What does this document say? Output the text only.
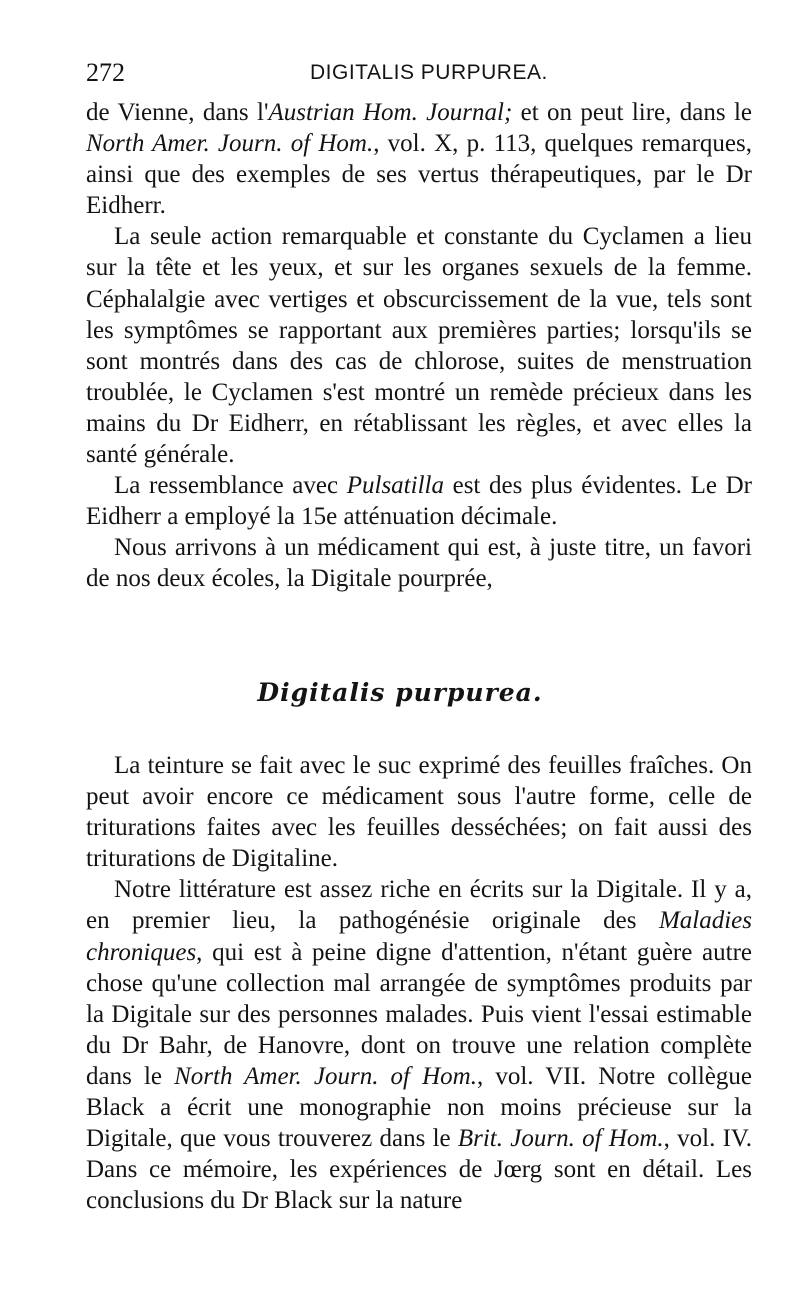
272	DIGITALIS PURPUREA.

de Vienne, dans l'Austrian Hom. Journal; et on peut lire, dans le North Amer. Journ. of Hom., vol. X, p. 113, quelques remarques, ainsi que des exemples de ses vertus thérapeutiques, par le Dr Eidherr.

La seule action remarquable et constante du Cyclamen a lieu sur la tête et les yeux, et sur les organes sexuels de la femme. Céphalalgie avec vertiges et obscurcissement de la vue, tels sont les symptômes se rapportant aux premières parties; lorsqu'ils se sont montrés dans des cas de chlorose, suites de menstruation troublée, le Cyclamen s'est montré un remède précieux dans les mains du Dr Eidherr, en rétablissant les règles, et avec elles la santé générale.

La ressemblance avec Pulsatilla est des plus évidentes. Le Dr Eidherr a employé la 15e atténuation décimale.

Nous arrivons à un médicament qui est, à juste titre, un favori de nos deux écoles, la Digitale pourprée,

Digitalis purpurea.

La teinture se fait avec le suc exprimé des feuilles fraîches. On peut avoir encore ce médicament sous l'autre forme, celle de triturations faites avec les feuilles desséchées; on fait aussi des triturations de Digitaline.

Notre littérature est assez riche en écrits sur la Digitale. Il y a, en premier lieu, la pathogénésie originale des Maladies chroniques, qui est à peine digne d'attention, n'étant guère autre chose qu'une collection mal arrangée de symptômes produits par la Digitale sur des personnes malades. Puis vient l'essai estimable du Dr Bahr, de Hanovre, dont on trouve une relation complète dans le North Amer. Journ. of Hom., vol. VII. Notre collègue Black a écrit une monographie non moins précieuse sur la Digitale, que vous trouverez dans le Brit. Journ. of Hom., vol. IV. Dans ce mémoire, les expériences de Jœrg sont en détail. Les conclusions du Dr Black sur la nature
